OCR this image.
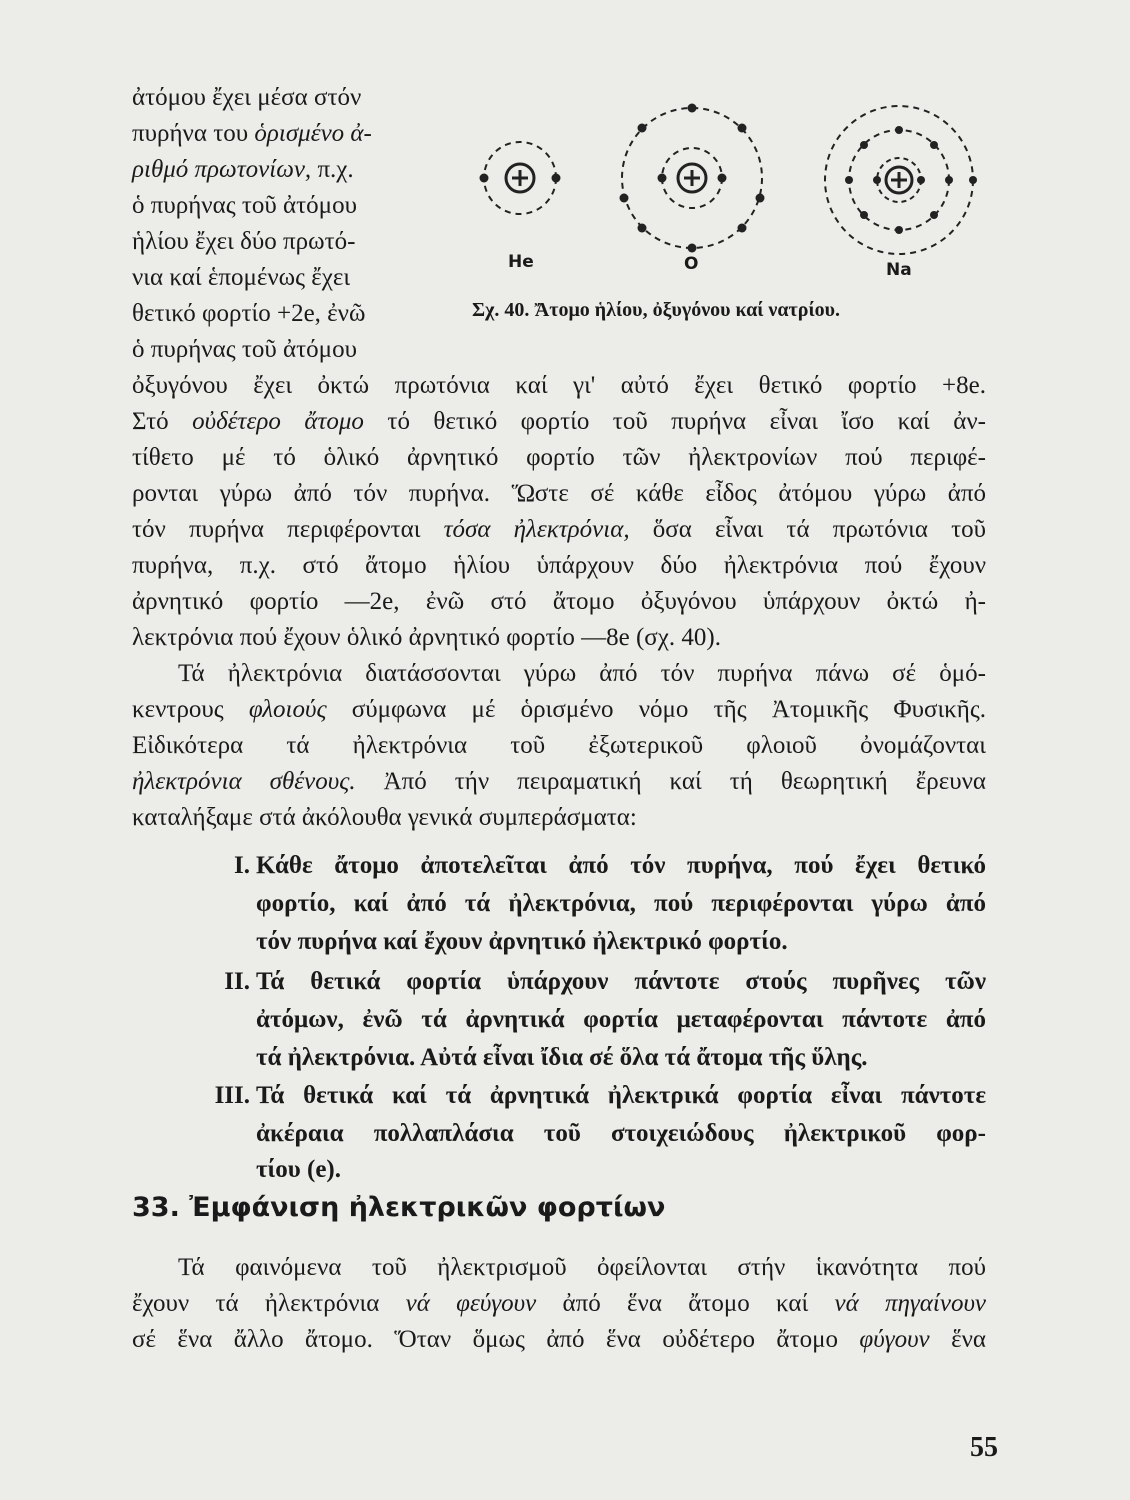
He	O	Na
Σχ. 40. Ἄτομο ἡλίου, ὀξυγόνου καί νατρίου.
ἀτόμου ἔχει μέσα στόν
πυρήνα του ὁρισμένο ἀ-
ριθμό πρωτονίων, π.χ.
ὁ πυρήνας τοῦ ἀτόμου
ἡλίου ἔχει δύο πρωτό-
νια καί ἑπομένως ἔχει
θετικό φορτίο +2e, ἐνῶ
ὁ πυρήνας τοῦ ἀτόμου
ὀξυγόνου ἔχει ὀκτώ πρωτόνια καί γι' αὐτό ἔχει θετικό φορτίο +8e.
Στό οὐδέτερο ἄτομο τό θετικό φορτίο τοῦ πυρήνα εἶναι ἴσο καί ἀν-
τίθετο μέ τό ὁλικό ἀρνητικό φορτίο τῶν ἠλεκτρονίων πού περιφέ-
ρονται γύρω ἀπό τόν πυρήνα. Ὥστε σέ κάθε εἶδος ἀτόμου γύρω ἀπό
τόν πυρήνα περιφέρονται τόσα ἠλεκτρόνια, ὅσα εἶναι τά πρωτόνια τοῦ
πυρήνα, π.χ. στό ἄτομο ἡλίου ὑπάρχουν δύο ἠλεκτρόνια πού ἔχουν
ἀρνητικό φορτίο —2e, ἐνῶ στό ἄτομο ὀξυγόνου ὑπάρχουν ὀκτώ ἠ-
λεκτρόνια πού ἔχουν ὁλικό ἀρνητικό φορτίο —8e (σχ. 40).
Τά ἠλεκτρόνια διατάσσονται γύρω ἀπό τόν πυρήνα πάνω σέ ὁμό-
κεντρους φλοιούς σύμφωνα μέ ὁρισμένο νόμο τῆς Ἀτομικῆς Φυσικῆς.
Εἰδικότερα τά ἠλεκτρόνια τοῦ ἐξωτερικοῦ φλοιοῦ ὀνομάζονται
ἠλεκτρόνια σθένους. Ἀπό τήν πειραματική καί τή θεωρητική ἔρευνα
καταλήξαμε στά ἀκόλουθα γενικά συμπεράσματα:
I. Κάθε ἄτομο ἀποτελεῖται ἀπό τόν πυρήνα, πού ἔχει θετικό
φορτίο, καί ἀπό τά ἠλεκτρόνια, πού περιφέρονται γύρω ἀπό
τόν πυρήνα καί ἔχουν ἀρνητικό ἠλεκτρικό φορτίο.
II. Τά θετικά φορτία ὑπάρχουν πάντοτε στούς πυρῆνες τῶν
ἀτόμων, ἐνῶ τά ἀρνητικά φορτία μεταφέρονται πάντοτε ἀπό
τά ἠλεκτρόνια. Αὐτά εἶναι ἴδια σέ ὅλα τά ἄτομα τῆς ὕλης.
III. Τά θετικά καί τά ἀρνητικά ἠλεκτρικά φορτία εἶναι πάντοτε
ἀκέραια πολλαπλάσια τοῦ στοιχειώδους ἠλεκτρικοῦ φορ-
τίου (e).
33. Ἐμφάνιση ἠλεκτρικῶν φορτίων
Τά φαινόμενα τοῦ ἠλεκτρισμοῦ ὀφείλονται στήν ἱκανότητα πού
ἔχουν τά ἠλεκτρόνια νά φεύγουν ἀπό ἕνα ἄτομο καί νά πηγαίνουν
σέ ἕνα ἄλλο ἄτομο. Ὅταν ὅμως ἀπό ἕνα οὐδέτερο ἄτομο φύγουν ἕνα
55
